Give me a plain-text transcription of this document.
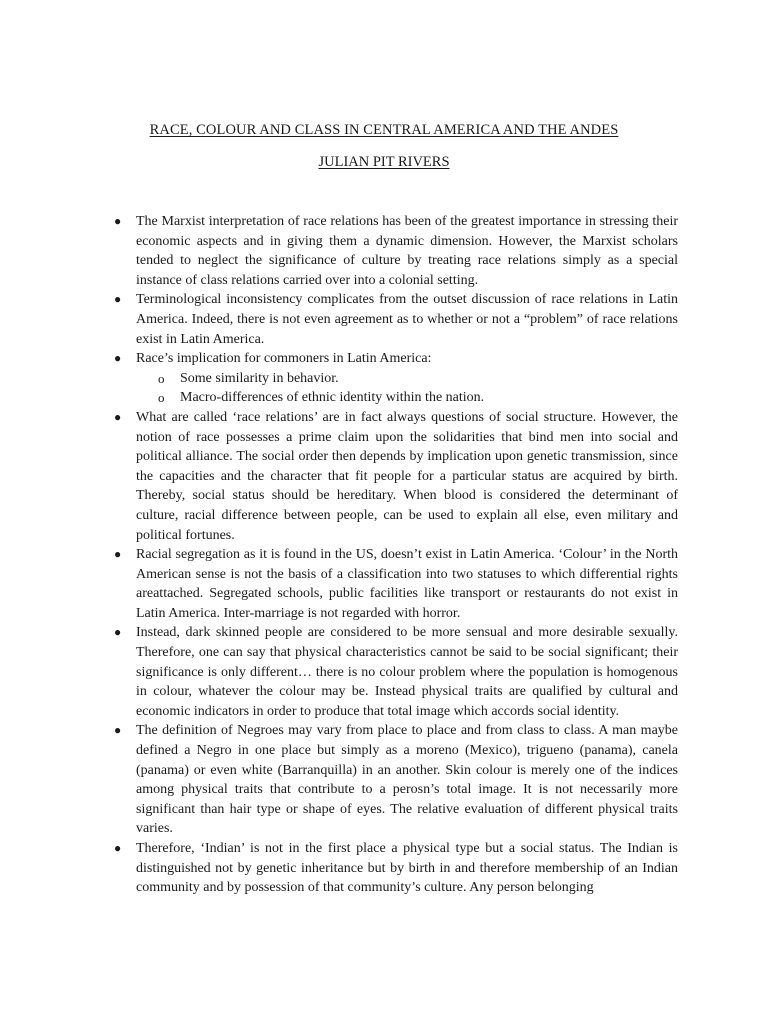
RACE, COLOUR AND CLASS IN CENTRAL AMERICA AND THE ANDES
JULIAN PIT RIVERS
●	The Marxist interpretation of race relations has been of the greatest importance in stressing their economic aspects and in giving them a dynamic dimension. However, the Marxist scholars tended to neglect the significance of culture by treating race relations simply as a special instance of class relations carried over into a colonial setting.
●	Terminological inconsistency complicates from the outset discussion of race relations in Latin America. Indeed, there is not even agreement as to whether or not a “problem” of race relations exist in Latin America.
●	Race’s implication for commoners in Latin America:
o Some similarity in behavior.
o Macro-differences of ethnic identity within the nation.
●	What are called ‘race relations’ are in fact always questions of social structure. However, the notion of race possesses a prime claim upon the solidarities that bind men into social and political alliance. The social order then depends by implication upon genetic transmission, since the capacities and the character that fit people for a particular status are acquired by birth. Thereby, social status should be hereditary. When blood is considered the determinant of culture, racial difference between people, can be used to explain all else, even military and political fortunes.
●	Racial segregation as it is found in the US, doesn’t exist in Latin America. ‘Colour’ in the North American sense is not the basis of a classification into two statuses to which differential rights areattached. Segregated schools, public facilities like transport or restaurants do not exist in Latin America. Inter-marriage is not regarded with horror.
●	Instead, dark skinned people are considered to be more sensual and more desirable sexually. Therefore, one can say that physical characteristics cannot be said to be social significant; their significance is only different… there is no colour problem where the population is homogenous in colour, whatever the colour may be. Instead physical traits are qualified by cultural and economic indicators in order to produce that total image which accords social identity.
●	The definition of Negroes may vary from place to place and from class to class. A man maybe defined a Negro in one place but simply as a moreno (Mexico), trigueno (panama), canela (panama) or even white (Barranquilla) in an another. Skin colour is merely one of the indices among physical traits that contribute to a perosn’s total image. It is not necessarily more significant than hair type or shape of eyes. The relative evaluation of different physical traits varies.
●	Therefore, ‘Indian’ is not in the first place a physical type but a social status. The Indian is distinguished not by genetic inheritance but by birth in and therefore membership of an Indian community and by possession of that community’s culture. Any person belonging
